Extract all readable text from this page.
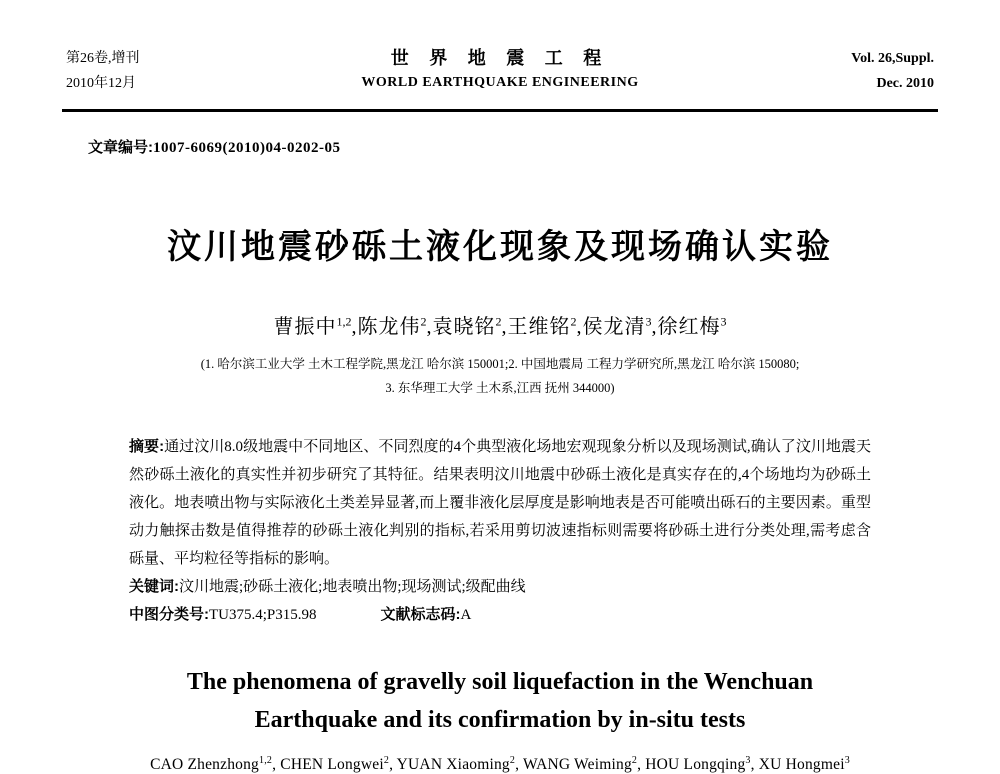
第26卷,增刊
2010年12月
世 界 地 震 工 程
WORLD EARTHQUAKE ENGINEERING
Vol. 26,Suppl.
Dec. 2010
文章编号:1007-6069(2010)04-0202-05
汶川地震砂砾土液化现象及现场确认实验
曹振中$^{1,2}$,陈龙伟$^2$,袁晓铭$^2$,王维铭$^2$,侯龙清$^3$,徐红梅$^3$
(1. 哈尔滨工业大学 土木工程学院,黑龙江 哈尔滨 150001;2. 中国地震局 工程力学研究所,黑龙江 哈尔滨 150080;
3. 东华理工大学 土木系,江西 抚州 344000)

摘要:通过汶川8.0级地震中不同地区、不同烈度的4个典型液化场地宏观现象分析以及现场测试,确认了汶川地震天然砂砾土液化的真实性并初步研究了其特征。结果表明汶川地震中砂砾土液化是真实存在的,4个场地均为砂砾土液化。地表喷出物与实际液化土类差异显著,而上覆非液化层厚度是影响地表是否可能喷出砾石的主要因素。重型动力触探击数是值得推荐的砂砾土液化判别的指标,若采用剪切波速指标则需要将砂砾土进行分类处理,需考虑含砾量、平均粒径等指标的影响。

关键词:汶川地震;砂砾土液化;地表喷出物;现场测试;级配曲线

中图分类号:TU375.4;P315.98	文献标志码:A

The phenomena of gravelly soil liquefaction in the Wenchuan
Earthquake and its confirmation by in-situ tests
CAO Zhenzhong$^{1,2}$, CHEN Longwei$^2$, YUAN Xiaoming$^2$, WANG Weiming$^2$, HOU Longqing$^3$, XU Hongmei$^3$
